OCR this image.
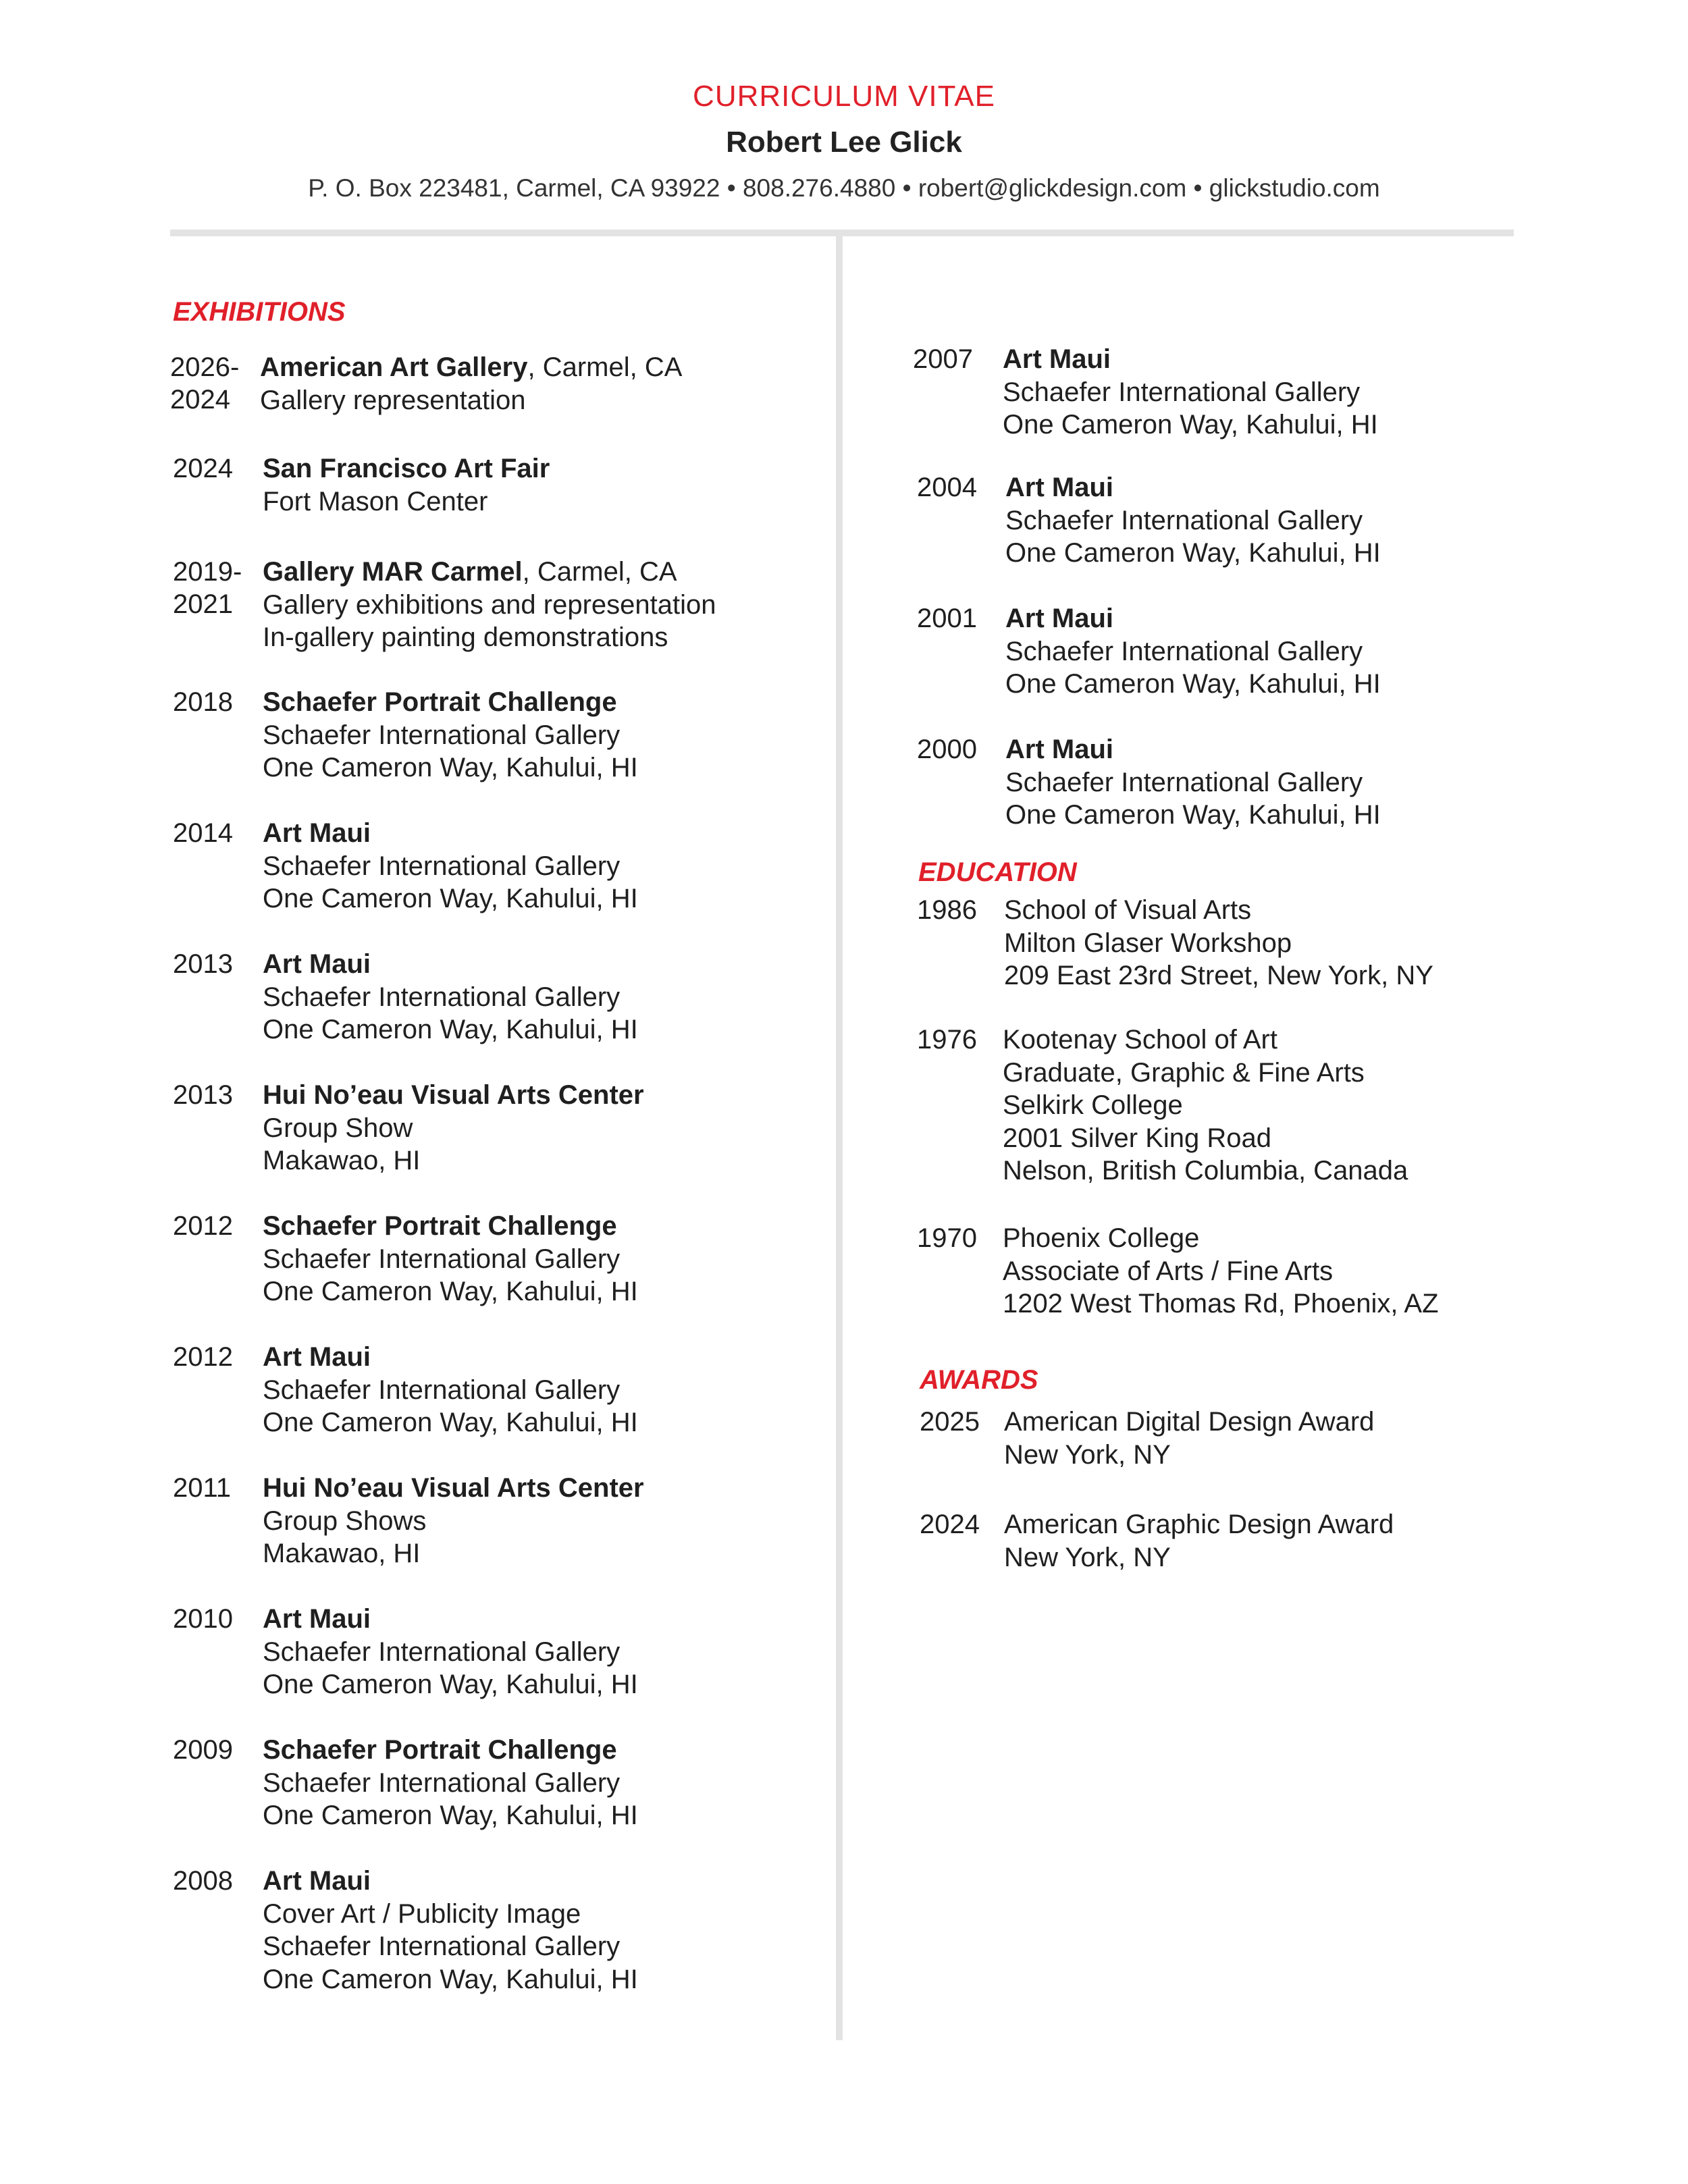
CURRICULUM VITAE
Robert Lee Glick
P. O. Box 223481, Carmel, CA 93922 • 808.276.4880 • robert@glickdesign.com • glickstudio.com
EXHIBITIONS
EDUCATION
AWARDS
2026-
2024
American Art Gallery, Carmel, CA
Gallery representation
2024 San Francisco Art Fair
Fort Mason Center
2019-
2021
Gallery MAR Carmel, Carmel, CA
Gallery exhibitions and representation
In-gallery painting demonstrations
2018 Schaefer Portrait Challenge
Schaefer International Gallery
One Cameron Way, Kahului, HI
2014 Art Maui
Schaefer International Gallery
One Cameron Way, Kahului, HI
2013 Art Maui
Schaefer International Gallery
One Cameron Way, Kahului, HI
2013 Hui No’eau Visual Arts Center
Group Show
Makawao, HI
2012 Schaefer Portrait Challenge
Schaefer International Gallery
One Cameron Way, Kahului, HI
2012 Art Maui
Schaefer International Gallery
One Cameron Way, Kahului, HI
2011 Hui No’eau Visual Arts Center
Group Shows
Makawao, HI
2010 Art Maui
Schaefer International Gallery
One Cameron Way, Kahului, HI
2009 Schaefer Portrait Challenge
Schaefer International Gallery
One Cameron Way, Kahului, HI
2008 Art Maui
Cover Art / Publicity Image
Schaefer International Gallery
One Cameron Way, Kahului, HI
2007 Art Maui
Schaefer International Gallery
One Cameron Way, Kahului, HI
2004 Art Maui
Schaefer International Gallery
One Cameron Way, Kahului, HI
2001 Art Maui
Schaefer International Gallery
One Cameron Way, Kahului, HI
2000 Art Maui
Schaefer International Gallery
One Cameron Way, Kahului, HI
1986 School of Visual Arts
Milton Glaser Workshop
209 East 23rd Street, New York, NY
1976 Kootenay School of Art
Graduate, Graphic & Fine Arts
Selkirk College
2001 Silver King Road
Nelson, British Columbia, Canada
1970 Phoenix College
Associate of Arts / Fine Arts
1202 West Thomas Rd, Phoenix, AZ
2025 American Digital Design Award
New York, NY
2024 American Graphic Design Award
New York, NY
